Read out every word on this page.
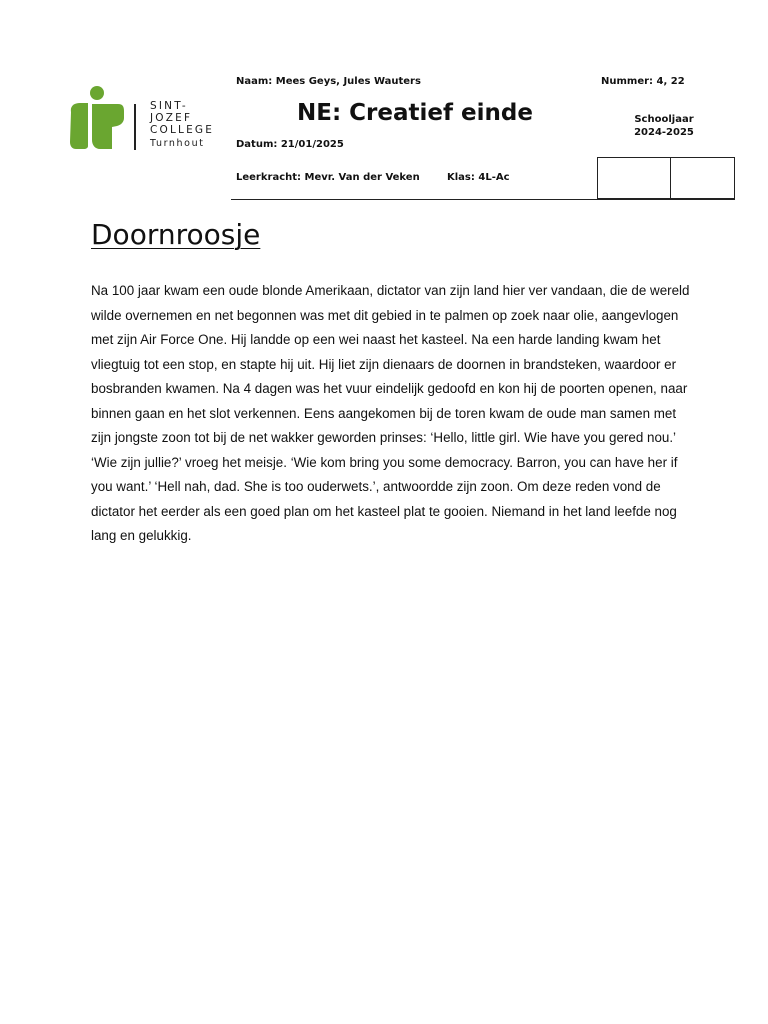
SINT-
JOZEF
COLLEGE
Turnhout
Naam: Mees Geys, Jules Wauters	Nummer: 4, 22
NE: Creatief einde	Schooljaar
2024-2025
Datum: 21/01/2025
Leerkracht: Mevr. Van der Veken	Klas: 4L-Ac
Doornroosje

Na 100 jaar kwam een oude blonde Amerikaan, dictator van zijn land hier ver vandaan, die de wereld wilde overnemen en net begonnen was met dit gebied in te palmen op zoek naar olie, aangevlogen met zijn Air Force One. Hij landde op een wei naast het kasteel. Na een harde landing kwam het vliegtuig tot een stop, en stapte hij uit. Hij liet zijn dienaars de doornen in brandsteken, waardoor er bosbranden kwamen. Na 4 dagen was het vuur eindelijk gedoofd en kon hij de poorten openen, naar binnen gaan en het slot verkennen. Eens aangekomen bij de toren kwam de oude man samen met zijn jongste zoon tot bij de net wakker geworden prinses: ‘Hello, little girl. Wie have you gered nou.’ ‘Wie zijn jullie?’ vroeg het meisje. ‘Wie kom bring you some democracy. Barron, you can have her if you want.’ ‘Hell nah, dad. She is too ouderwets.’, antwoordde zijn zoon. Om deze reden vond de dictator het eerder als een goed plan om het kasteel plat te gooien. Niemand in het land leefde nog lang en gelukkig.
